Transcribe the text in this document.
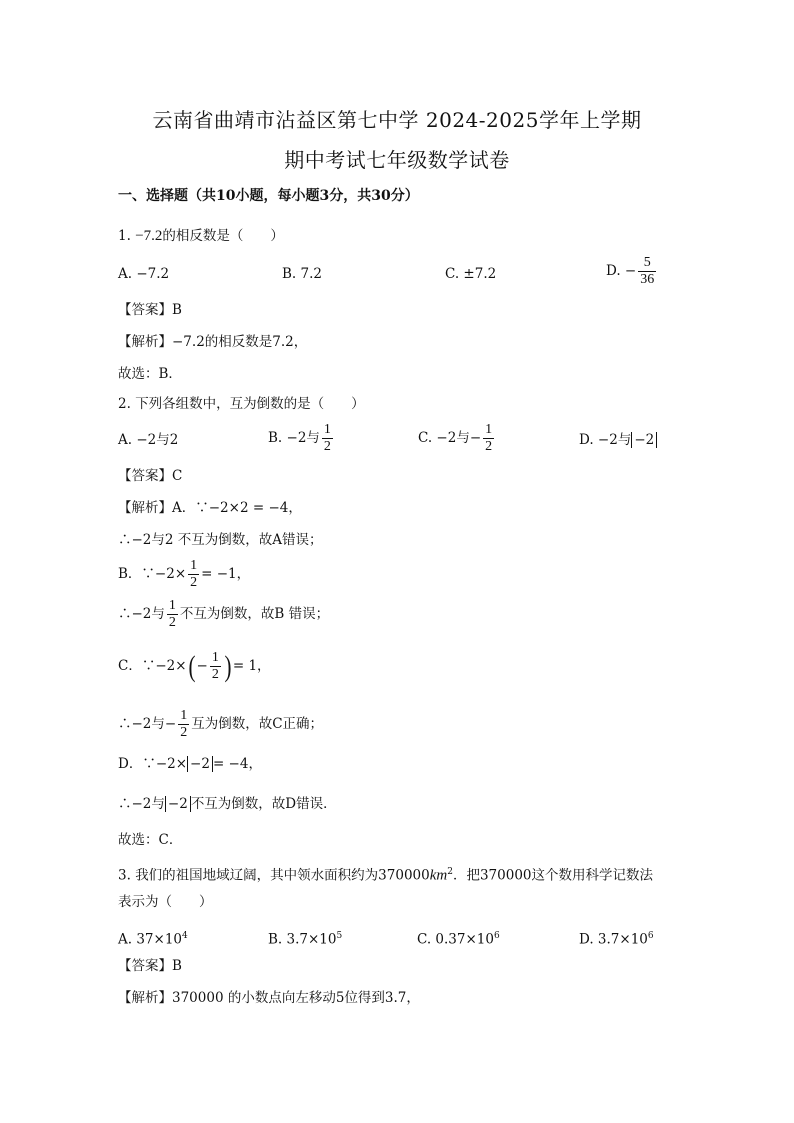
云南省曲靖市沾益区第七中学 2024-2025学年上学期
期中考试七年级数学试卷
一、选择题（共10小题，每小题3分，共30分）
1. −7.2的相反数是（　　）
A. −7.2	B. 7.2	C. ±7.2	D. − $\frac{5}{36}$
【答案】B
【解析】−7.2的相反数是7.2，
故选：B．
2. 下列各组数中，互为倒数的是（　　）
A. −2与2	B. −2与 $\frac{1}{2}$	C. −2与− $\frac{1}{2}$	D. −2与 −2
【答案】C
【解析】A．∵−2×2 = −4，
∴−2与2 不互为倒数，故A错误；
B．∵−2× $\frac{1}{2} = -1$，
∴−2与 $\frac{1}{2}$ 不互为倒数，故B 错误；
C．∵−2×( − $\frac{1}{2}$ ) = 1，
∴−2与− $\frac{1}{2}$ 互为倒数，故C正确；
D．∵−2× −2 = −4，
∴−2与 −2 不互为倒数，故D错误．
故选：C．
3. 我们的祖国地域辽阔，其中领水面积约为$370000km^2$．把370000这个数用科学记数法
表示为（　　）
A. $37\times 10^4$	B. $3.7\times 10^5$	C. $0.37\times 10^6$	D. $3.7\times 10^6$
【答案】B
【解析】370000 的小数点向左移动5位得到3.7，
